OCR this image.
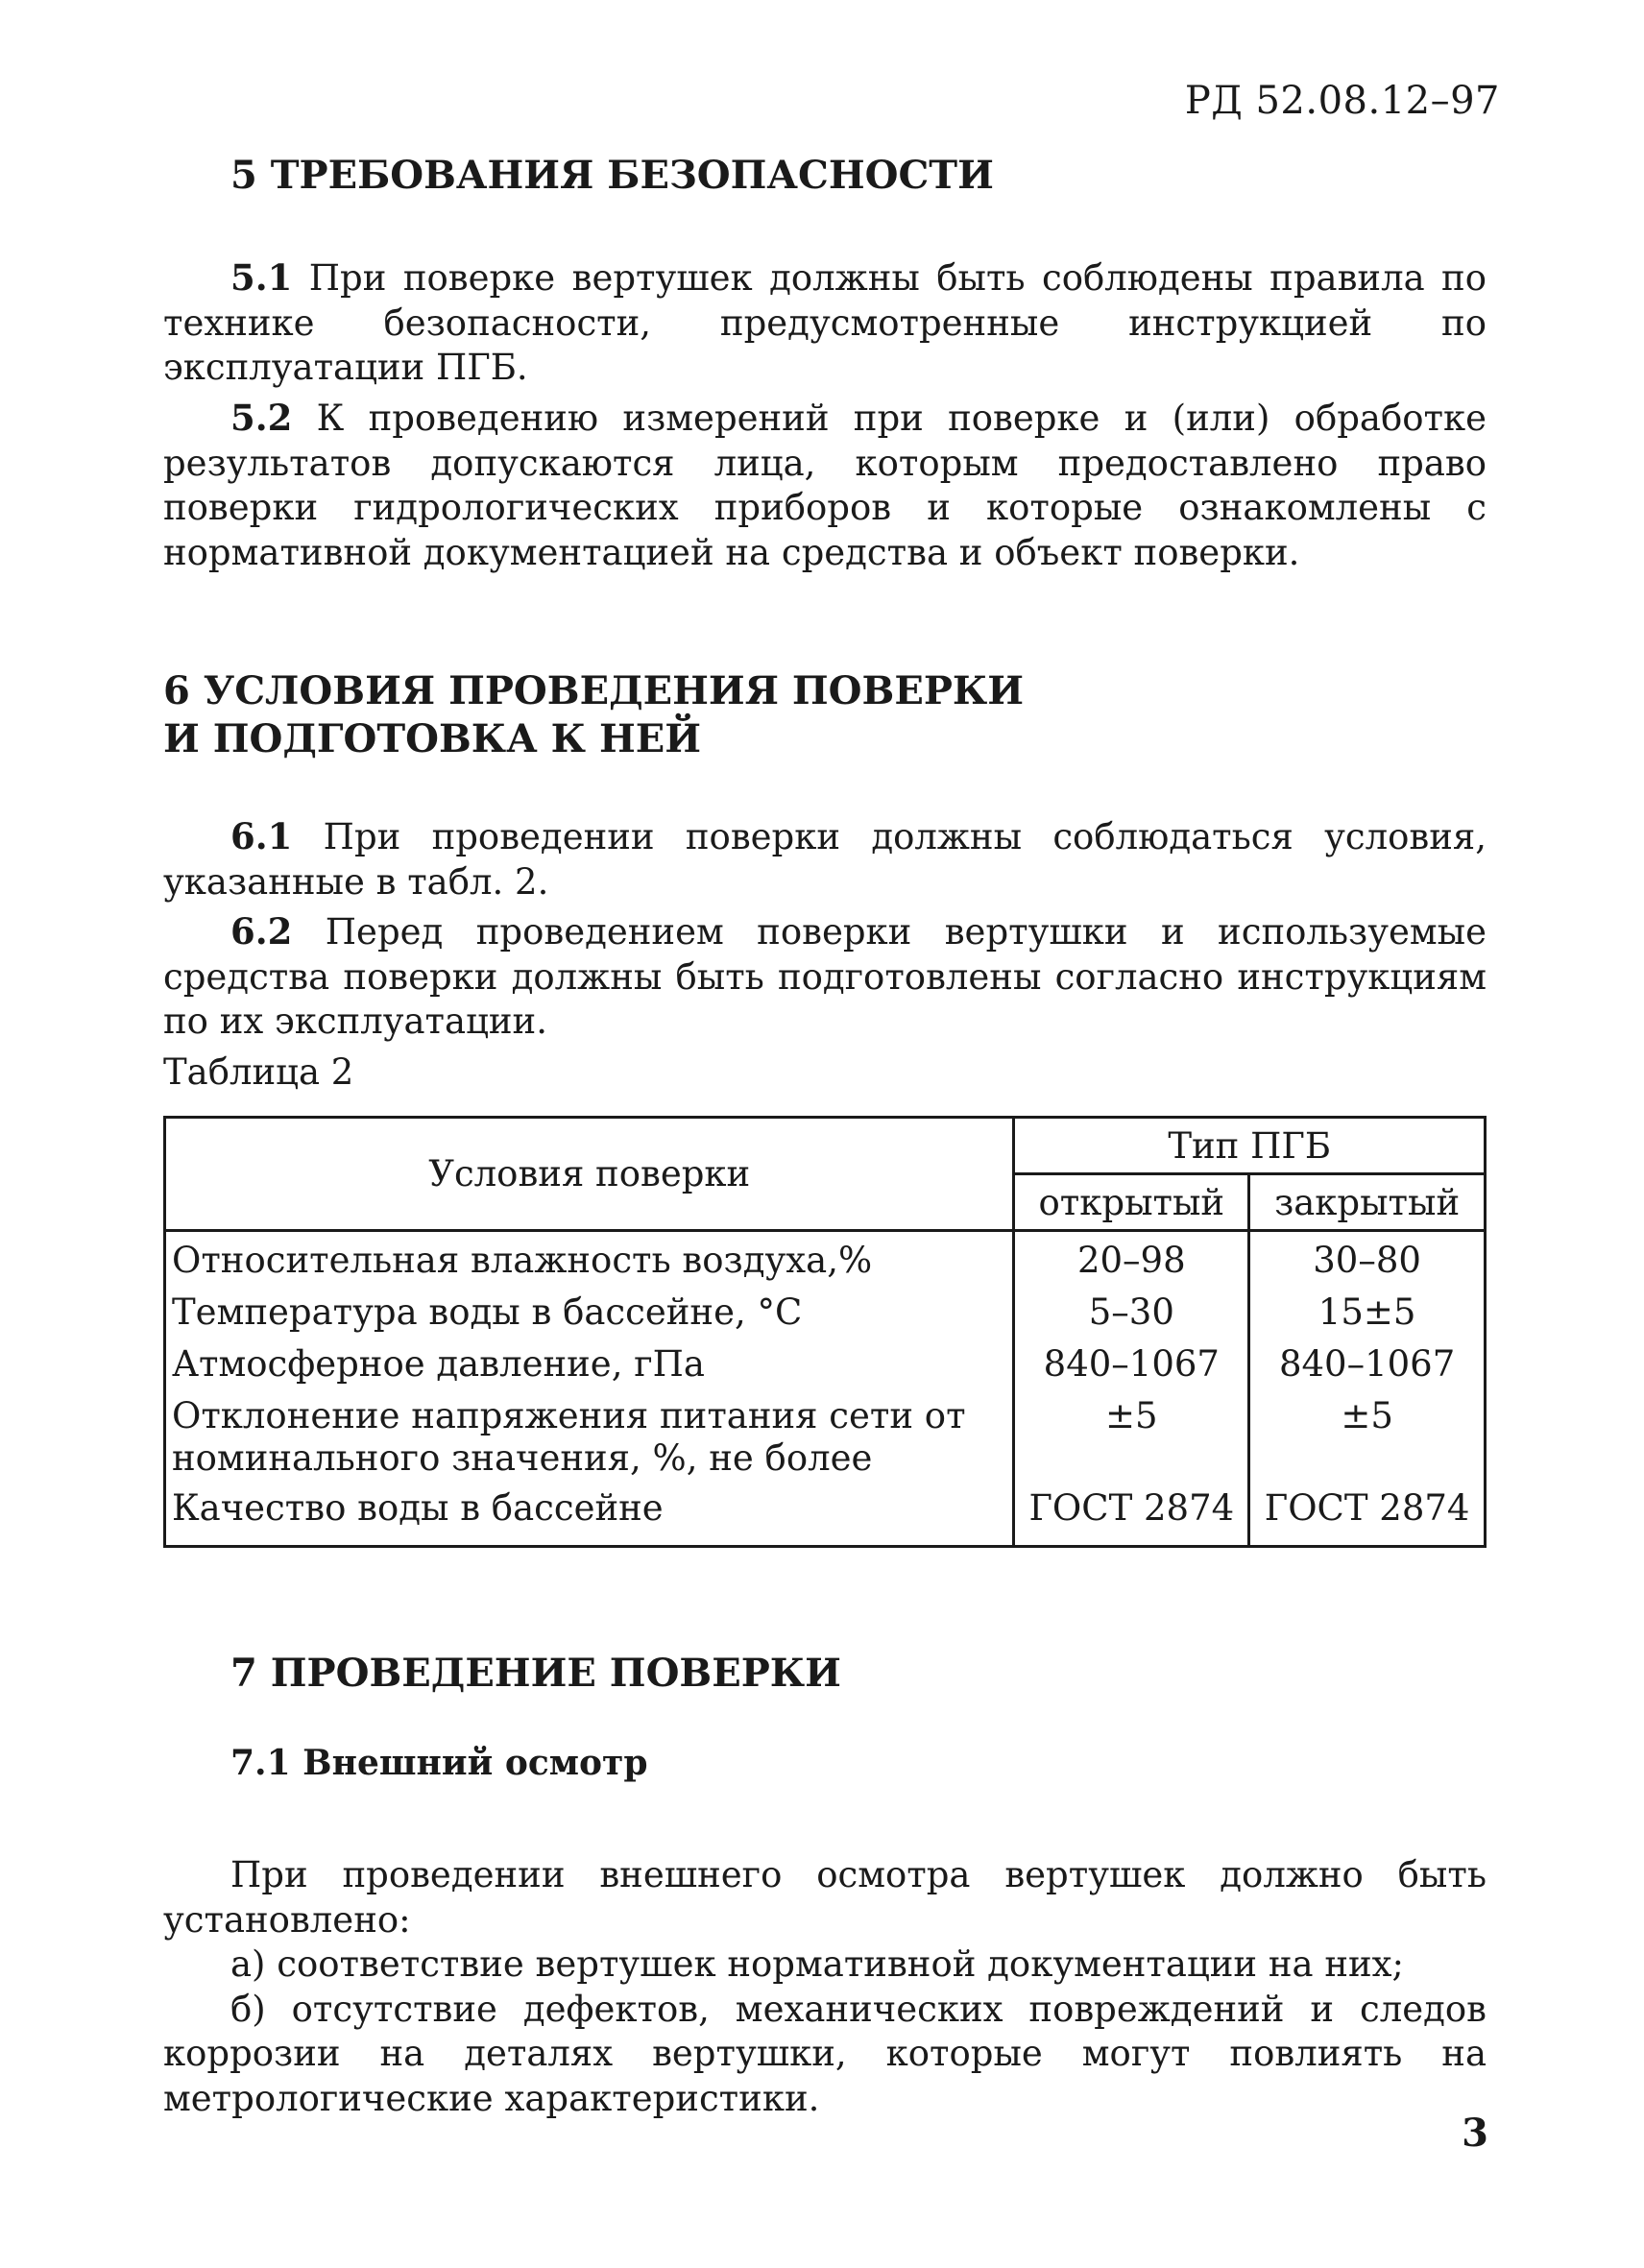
РД 52.08.12–97
5 ТРЕБОВАНИЯ БЕЗОПАСНОСТИ

5.1 При поверке вертушек должны быть соблюдены правила по технике безопасности, предусмотренные инструкцией по эксплуатации ПГБ.

5.2 К проведению измерений при поверке и (или) обработке результатов допускаются лица, которым предоставлено право поверки гидрологических приборов и которые ознакомлены с нормативной документацией на средства и объект поверки.

6 УСЛОВИЯ ПРОВЕДЕНИЯ ПОВЕРКИ
И ПОДГОТОВКА К НЕЙ

6.1 При проведении поверки должны соблюдаться условия, указанные в табл. 2.

6.2 Перед проведением поверки вертушки и используемые средства поверки должны быть подготовлены согласно инструкциям по их эксплуатации.

Таблица 2
Условия поверки	Тип ПГБ	
	открытый	закрытый
Относительная влажность воздуха,%	20–98	30–80
Температура воды в бассейне, °С	5–30	15±5
Атмосферное давление, гПа	840–1067	840–1067
Отклонение напряжения питания сети от
номинального значения, %, не более	±5	±5
Качество воды в бассейне	ГОСТ 2874	ГОСТ 2874
7 ПРОВЕДЕНИЕ ПОВЕРКИ
7.1 Внешний осмотр

При проведении внешнего осмотра вертушек должно быть установлено:

а) соответствие вертушек нормативной документации на них;

б) отсутствие дефектов, механических повреждений и следов коррозии на деталях вертушки, которые могут повлиять на метрологические характеристики.

3
